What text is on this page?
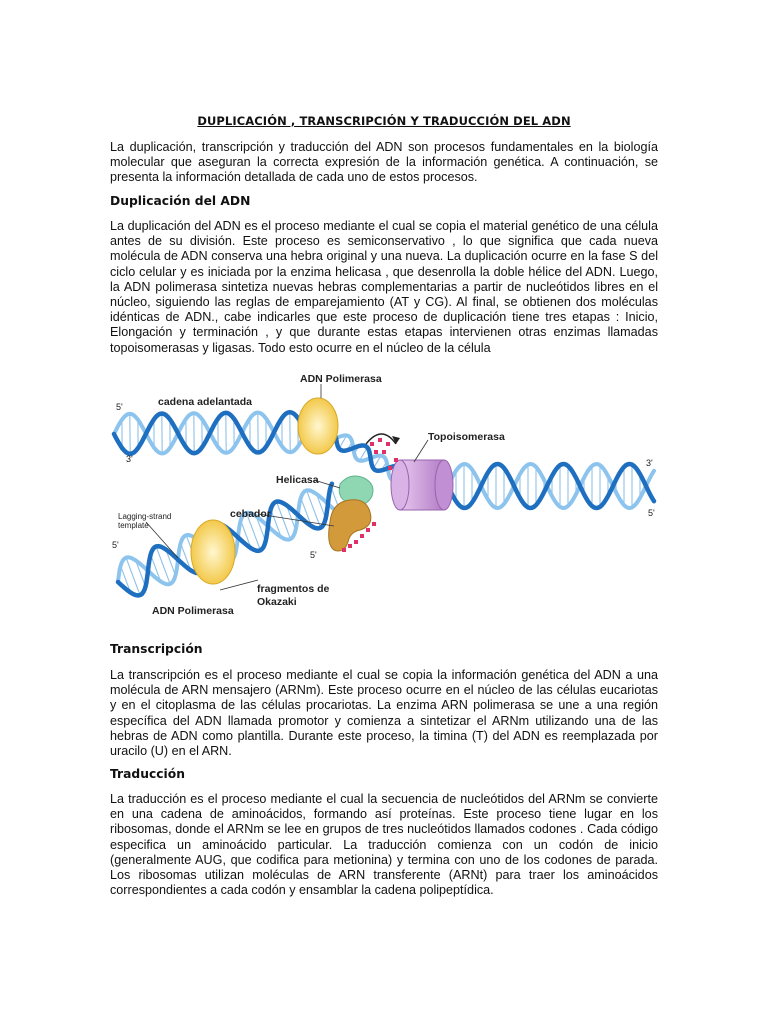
DUPLICACIÓN , TRANSCRIPCIÓN Y TRADUCCIÓN DEL ADN

La duplicación, transcripción y traducción del ADN son procesos fundamentales en la biología molecular que aseguran la correcta expresión de la información genética. A continuación, se presenta la información detallada de cada uno de estos procesos.

Duplicación del ADN

La duplicación del ADN es el proceso mediante el cual se copia el material genético de una célula antes de su división. Este proceso es semiconservativo , lo que significa que cada nueva molécula de ADN conserva una hebra original y una nueva. La duplicación ocurre en la fase S del ciclo celular y es iniciada por la enzima helicasa , que desenrolla la doble hélice del ADN. Luego, la ADN polimerasa sintetiza nuevas hebras complementarias a partir de nucleótidos libres en el núcleo, siguiendo las reglas de emparejamiento (AT y CG). Al final, se obtienen dos moléculas idénticas de ADN., cabe indicarles que este proceso de duplicación tiene tres etapas : Inicio, Elongación y terminación , y que durante estas etapas intervienen otras enzimas llamadas topoisomerasas y ligasas. Todo esto ocurre en el núcleo de la célula

ADN Polimerasa
cadena adelantada
Topoisomerasa
Helicasa
cebador
Lagging-strand
template
fragmentos de
Okazaki
ADN Polimerasa
5'
3'	3'
5'
5'
5'
Transcripción

La transcripción es el proceso mediante el cual se copia la información genética del ADN a una molécula de ARN mensajero (ARNm). Este proceso ocurre en el núcleo de las células eucariotas y en el citoplasma de las células procariotas. La enzima ARN polimerasa se une a una región específica del ADN llamada promotor y comienza a sintetizar el ARNm utilizando una de las hebras de ADN como plantilla. Durante este proceso, la timina (T) del ADN es reemplazada por uracilo (U) en el ARN.

Traducción

La traducción es el proceso mediante el cual la secuencia de nucleótidos del ARNm se convierte en una cadena de aminoácidos, formando así proteínas. Este proceso tiene lugar en los ribosomas, donde el ARNm se lee en grupos de tres nucleótidos llamados codones . Cada código especifica un aminoácido particular. La traducción comienza con un codón de inicio (generalmente AUG, que codifica para metionina) y termina con uno de los codones de parada. Los ribosomas utilizan moléculas de ARN transferente (ARNt) para traer los aminoácidos correspondientes a cada codón y ensamblar la cadena polipeptídica.
